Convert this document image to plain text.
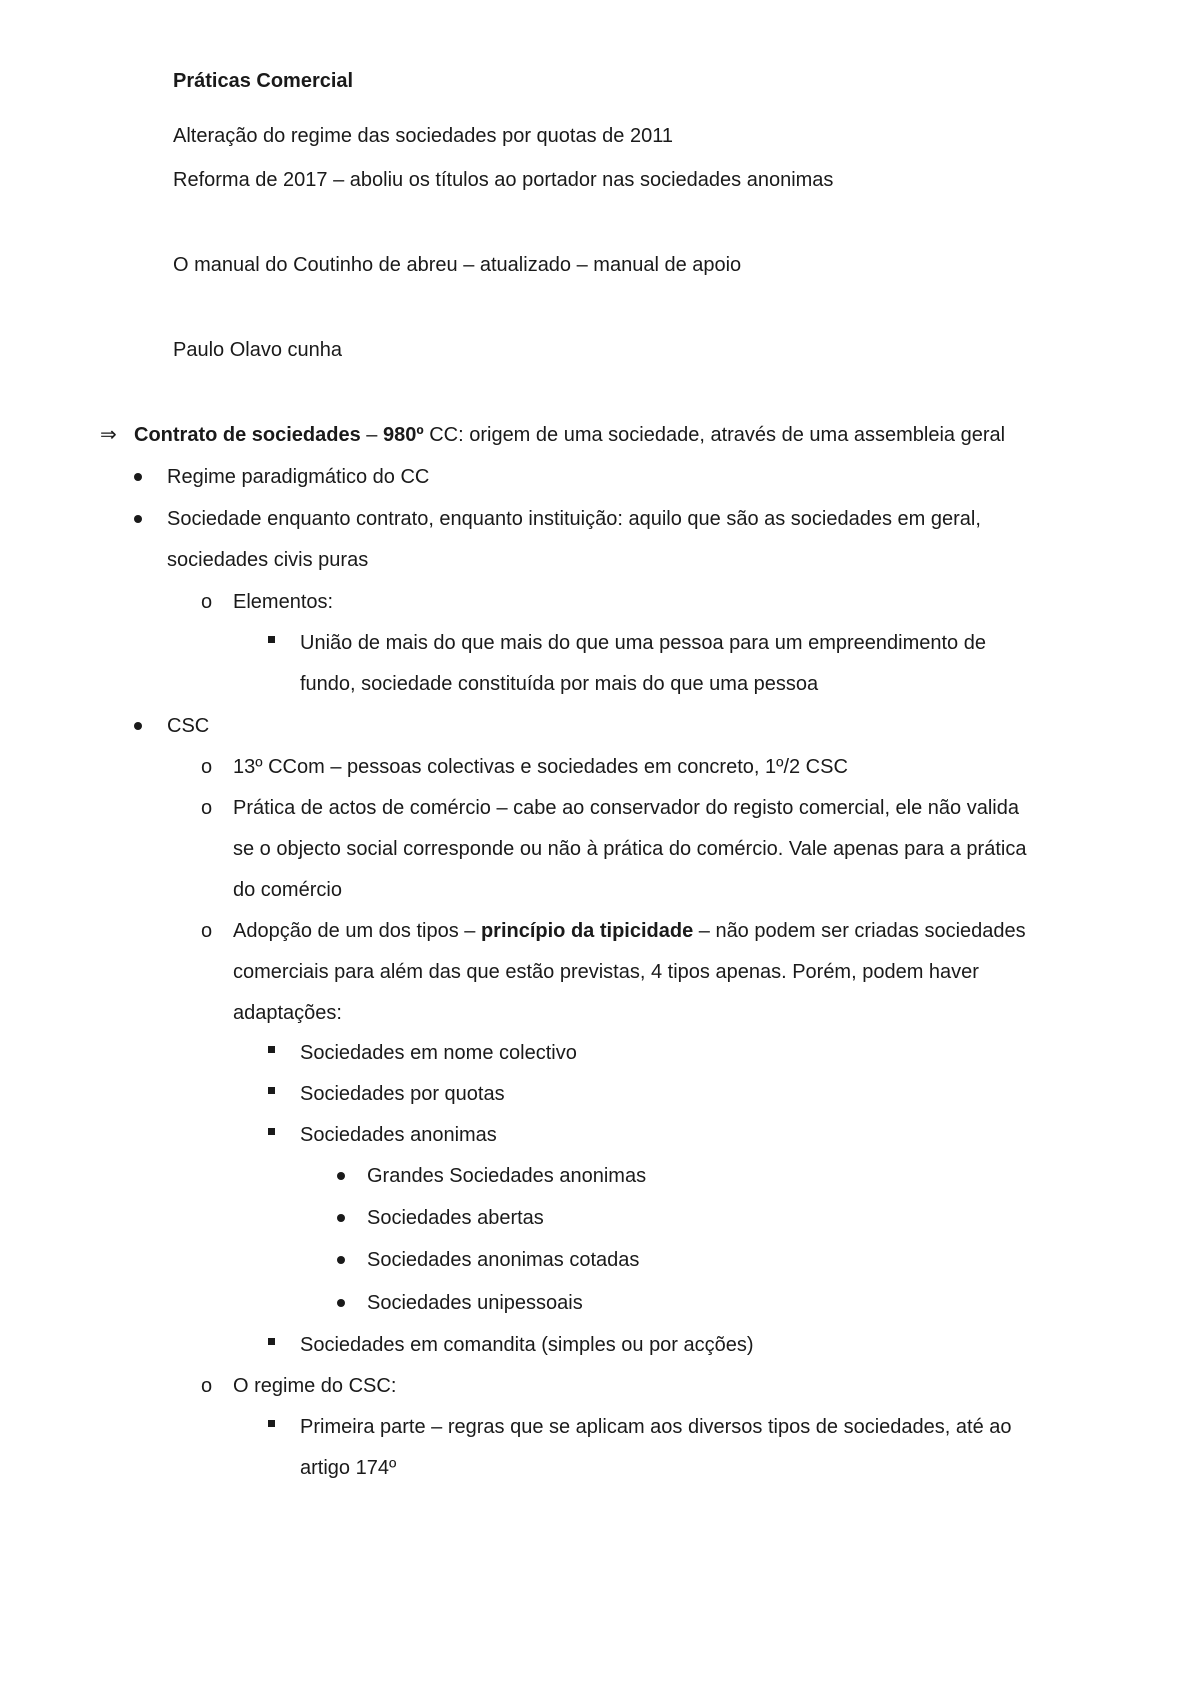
Práticas Comercial
Alteração do regime das sociedades por quotas de 2011
Reforma de 2017 – aboliu os títulos ao portador nas sociedades anonimas
O manual do Coutinho de abreu – atualizado – manual de apoio
Paulo Olavo cunha
⇒ Contrato de sociedades – 980º CC: origem de uma sociedade, através de uma assembleia geral
Regime paradigmático do CC
Sociedade enquanto contrato, enquanto instituição: aquilo que são as sociedades em geral,
sociedades civis puras
o Elementos:
União de mais do que mais do que uma pessoa para um empreendimento de
fundo, sociedade constituída por mais do que uma pessoa
CSC
o 13º CCom – pessoas colectivas e sociedades em concreto, 1º/2 CSC
o Prática de actos de comércio – cabe ao conservador do registo comercial, ele não valida
se o objecto social corresponde ou não à prática do comércio. Vale apenas para a prática
do comércio
o Adopção de um dos tipos – princípio da tipicidade – não podem ser criadas sociedades
comerciais para além das que estão previstas, 4 tipos apenas. Porém, podem haver
adaptações:
Sociedades em nome colectivo
Sociedades por quotas
Sociedades anonimas
Grandes Sociedades anonimas
Sociedades abertas
Sociedades anonimas cotadas
Sociedades unipessoais
Sociedades em comandita (simples ou por acções)
o O regime do CSC:
Primeira parte – regras que se aplicam aos diversos tipos de sociedades, até ao
artigo 174º
